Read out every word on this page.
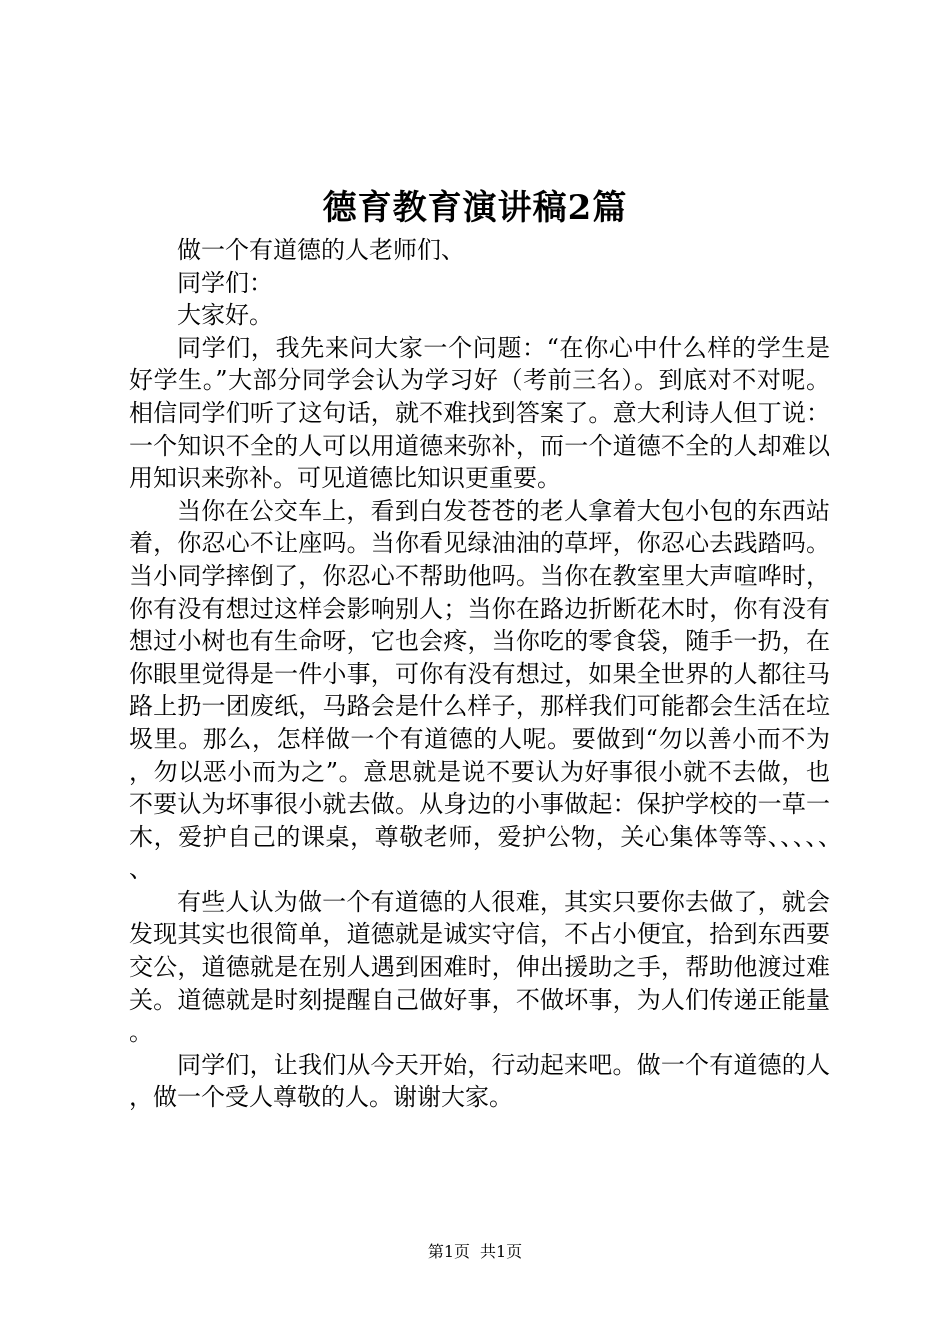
德育教育演讲稿2篇

做一个有道德的人老师们、

同学们：

大家好。

同学们，我先来问大家一个问题：“在你心中什么样的学生是好学生。”大部分同学会认为学习好（考前三名）。到底对不对呢。相信同学们听了这句话，就不难找到答案了。意大利诗人但丁说：一个知识不全的人可以用道德来弥补，而一个道德不全的人却难以用知识来弥补。可见道德比知识更重要。

当你在公交车上，看到白发苍苍的老人拿着大包小包的东西站着，你忍心不让座吗。当你看见绿油油的草坪，你忍心去践踏吗。当小同学摔倒了，你忍心不帮助他吗。当你在教室里大声喧哗时，你有没有想过这样会影响别人；当你在路边折断花木时，你有没有想过小树也有生命呀，它也会疼，当你吃的零食袋，随手一扔，在你眼里觉得是一件小事，可你有没有想过，如果全世界的人都往马路上扔一团废纸，马路会是什么样子，那样我们可能都会生活在垃圾里。那么，怎样做一个有道德的人呢。要做到“勿以善小而不为，勿以恶小而为之”。意思就是说不要认为好事很小就不去做，也不要认为坏事很小就去做。从身边的小事做起：保护学校的一草一木，爱护自己的课桌，尊敬老师，爱护公物，关心集体等等、、、、、、

有些人认为做一个有道德的人很难，其实只要你去做了，就会发现其实也很简单，道德就是诚实守信，不占小便宜，拾到东西要交公，道德就是在别人遇到困难时，伸出援助之手，帮助他渡过难关。道德就是时刻提醒自己做好事，不做坏事，为人们传递正能量。

同学们，让我们从今天开始，行动起来吧。做一个有道德的人，做一个受人尊敬的人。谢谢大家。

第1页 共1页
